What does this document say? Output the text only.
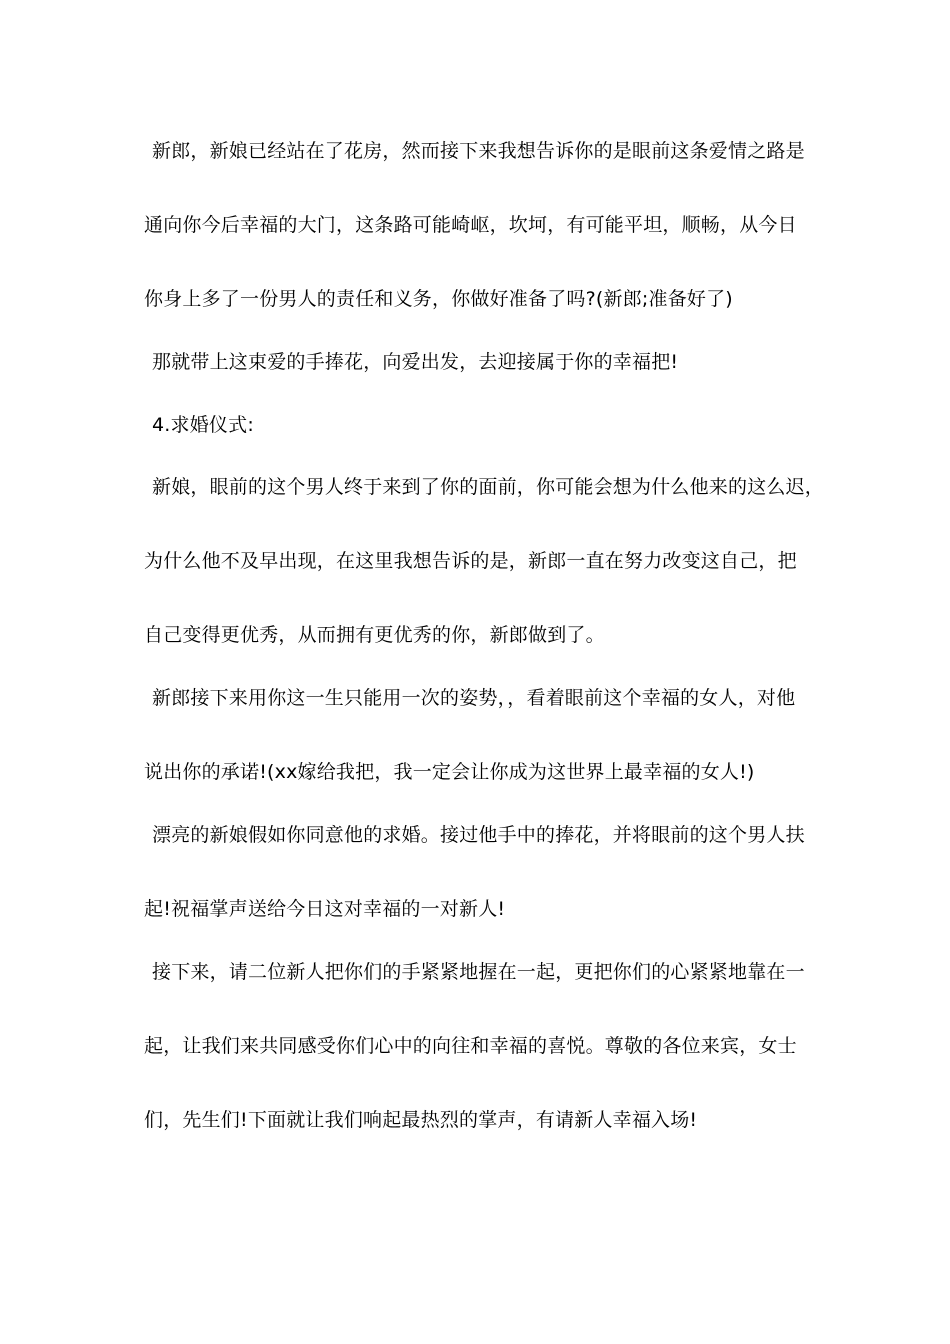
新郎，新娘已经站在了花房，然而接下来我想告诉你的是眼前这条爱情之路是
通向你今后幸福的大门，这条路可能崎岖，坎坷，有可能平坦，顺畅，从今日
你身上多了一份男人的责任和义务，你做好准备了吗?(新郎;准备好了)
那就带上这束爱的手捧花，向爱出发，去迎接属于你的幸福把!
4.求婚仪式:
新娘，眼前的这个男人终于来到了你的面前，你可能会想为什么他来的这么迟，
为什么他不及早出现，在这里我想告诉的是，新郎一直在努力改变这自己，把
自己变得更优秀，从而拥有更优秀的你，新郎做到了。
新郎接下来用你这一生只能用一次的姿势，，看着眼前这个幸福的女人，对他
说出你的承诺!(xx嫁给我把，我一定会让你成为这世界上最幸福的女人!)
漂亮的新娘假如你同意他的求婚。接过他手中的捧花，并将眼前的这个男人扶
起!祝福掌声送给今日这对幸福的一对新人!
接下来，请二位新人把你们的手紧紧地握在一起，更把你们的心紧紧地靠在一
起，让我们来共同感受你们心中的向往和幸福的喜悦。尊敬的各位来宾，女士
们，先生们!下面就让我们响起最热烈的掌声，有请新人幸福入场!
